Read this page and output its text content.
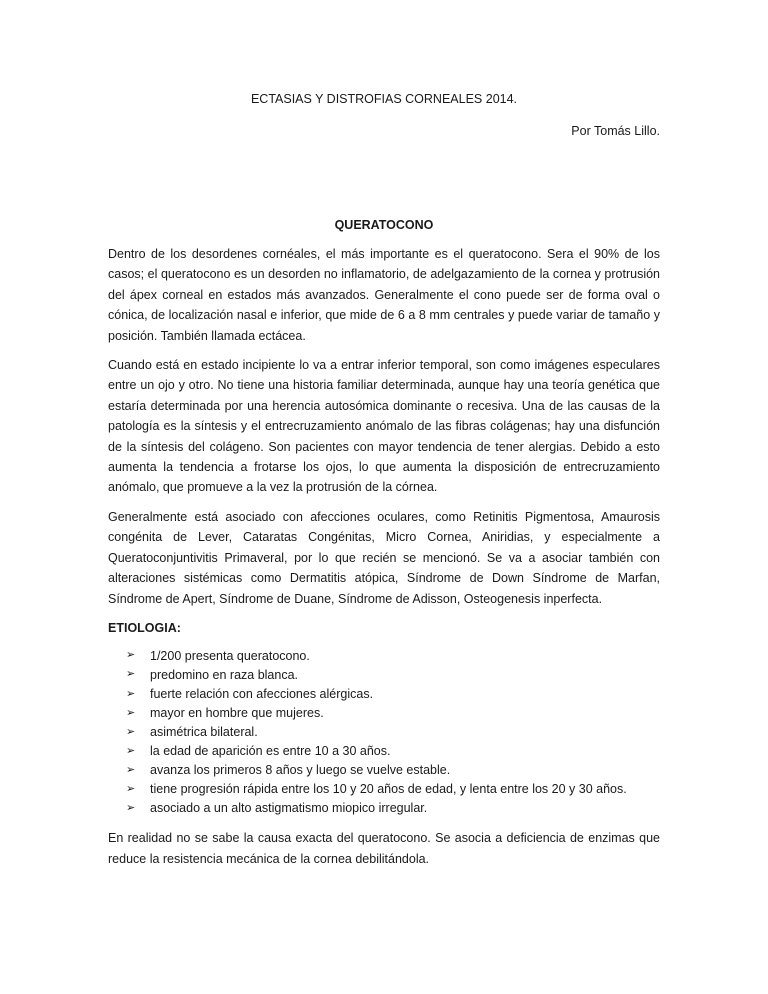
ECTASIAS Y DISTROFIAS CORNEALES 2014.
Por Tomás Lillo.
QUERATOCONO

Dentro de los desordenes cornéales, el más importante es el queratocono. Sera el 90% de los casos; el queratocono es un desorden no inflamatorio, de adelgazamiento de la cornea y protrusión del ápex corneal en estados más avanzados. Generalmente el cono puede ser de forma oval o cónica, de localización nasal e inferior, que mide de 6 a 8 mm centrales y puede variar de tamaño y posición. También llamada ectácea.

Cuando está en estado incipiente lo va a entrar inferior temporal, son como imágenes especulares entre un ojo y otro. No tiene una historia familiar determinada, aunque hay una teoría genética que estaría determinada por una herencia autosómica dominante o recesiva. Una de las causas de la patología es la síntesis y el entrecruzamiento anómalo de las fibras colágenas; hay una disfunción de la síntesis del colágeno. Son pacientes con mayor tendencia de tener alergias. Debido a esto aumenta la tendencia a frotarse los ojos, lo que aumenta la disposición de entrecruzamiento anómalo, que promueve a la vez la protrusión de la córnea.

Generalmente está asociado con afecciones oculares, como Retinitis Pigmentosa, Amaurosis congénita de Lever, Cataratas Congénitas, Micro Cornea, Aniridias, y especialmente a Queratoconjuntivitis Primaveral, por lo que recién se mencionó. Se va a asociar también con alteraciones sistémicas como Dermatitis atópica, Síndrome de Down Síndrome de Marfan, Síndrome de Apert, Síndrome de Duane, Síndrome de Adisson, Osteogenesis inperfecta.

ETIOLOGIA:
➢	1/200 presenta queratocono.
➢	predomino en raza blanca.
➢	fuerte relación con afecciones alérgicas.
➢	mayor en hombre que mujeres.
➢	asimétrica bilateral.
➢	la edad de aparición es entre 10 a 30 años.
➢	avanza los primeros 8 años y luego se vuelve estable.
➢	tiene progresión rápida entre los 10 y 20 años de edad, y lenta entre los 20 y 30 años.
➢	asociado a un alto astigmatismo miopico irregular.

En realidad no se sabe la causa exacta del queratocono. Se asocia a deficiencia de enzimas que reduce la resistencia mecánica de la cornea debilitándola.
